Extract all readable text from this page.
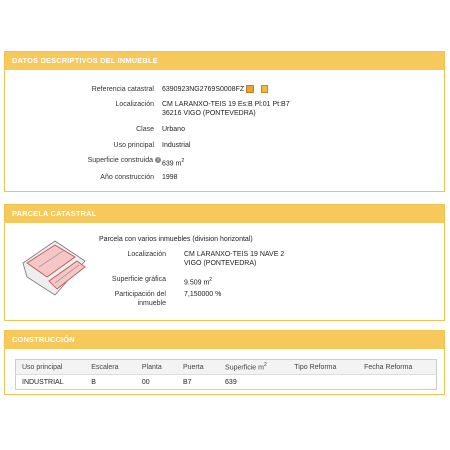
DATOS DESCRIPTIVOS DEL INMUEBLE
Referencia catastral 6390923NG2769S0008FZ
Localización CM LARANXO-TEIS 19 Es:B Pl:01 Pt:B7
36216 VIGO (PONTEVEDRA)
Clase Urbano
Uso principal Industrial
Superficie construida i
639 $m^2$
Año construcción 1998
PARCELA CATASTRAL
Parcela con varios inmuebles (division horizontal)
Localización	CM LARANXO-TEIS 19 NAVE 2
VIGO (PONTEVEDRA)
Superficie gráfica	9.509 $m^2$
Participación del	7,150000 %
inmueble
CONSTRUCCIÓN
Uso principal	Escalera	Planta	Puerta	Superficie $m^2$	Tipo Reforma	Fecha Reforma
INDUSTRIAL	B	00	B7	639		
